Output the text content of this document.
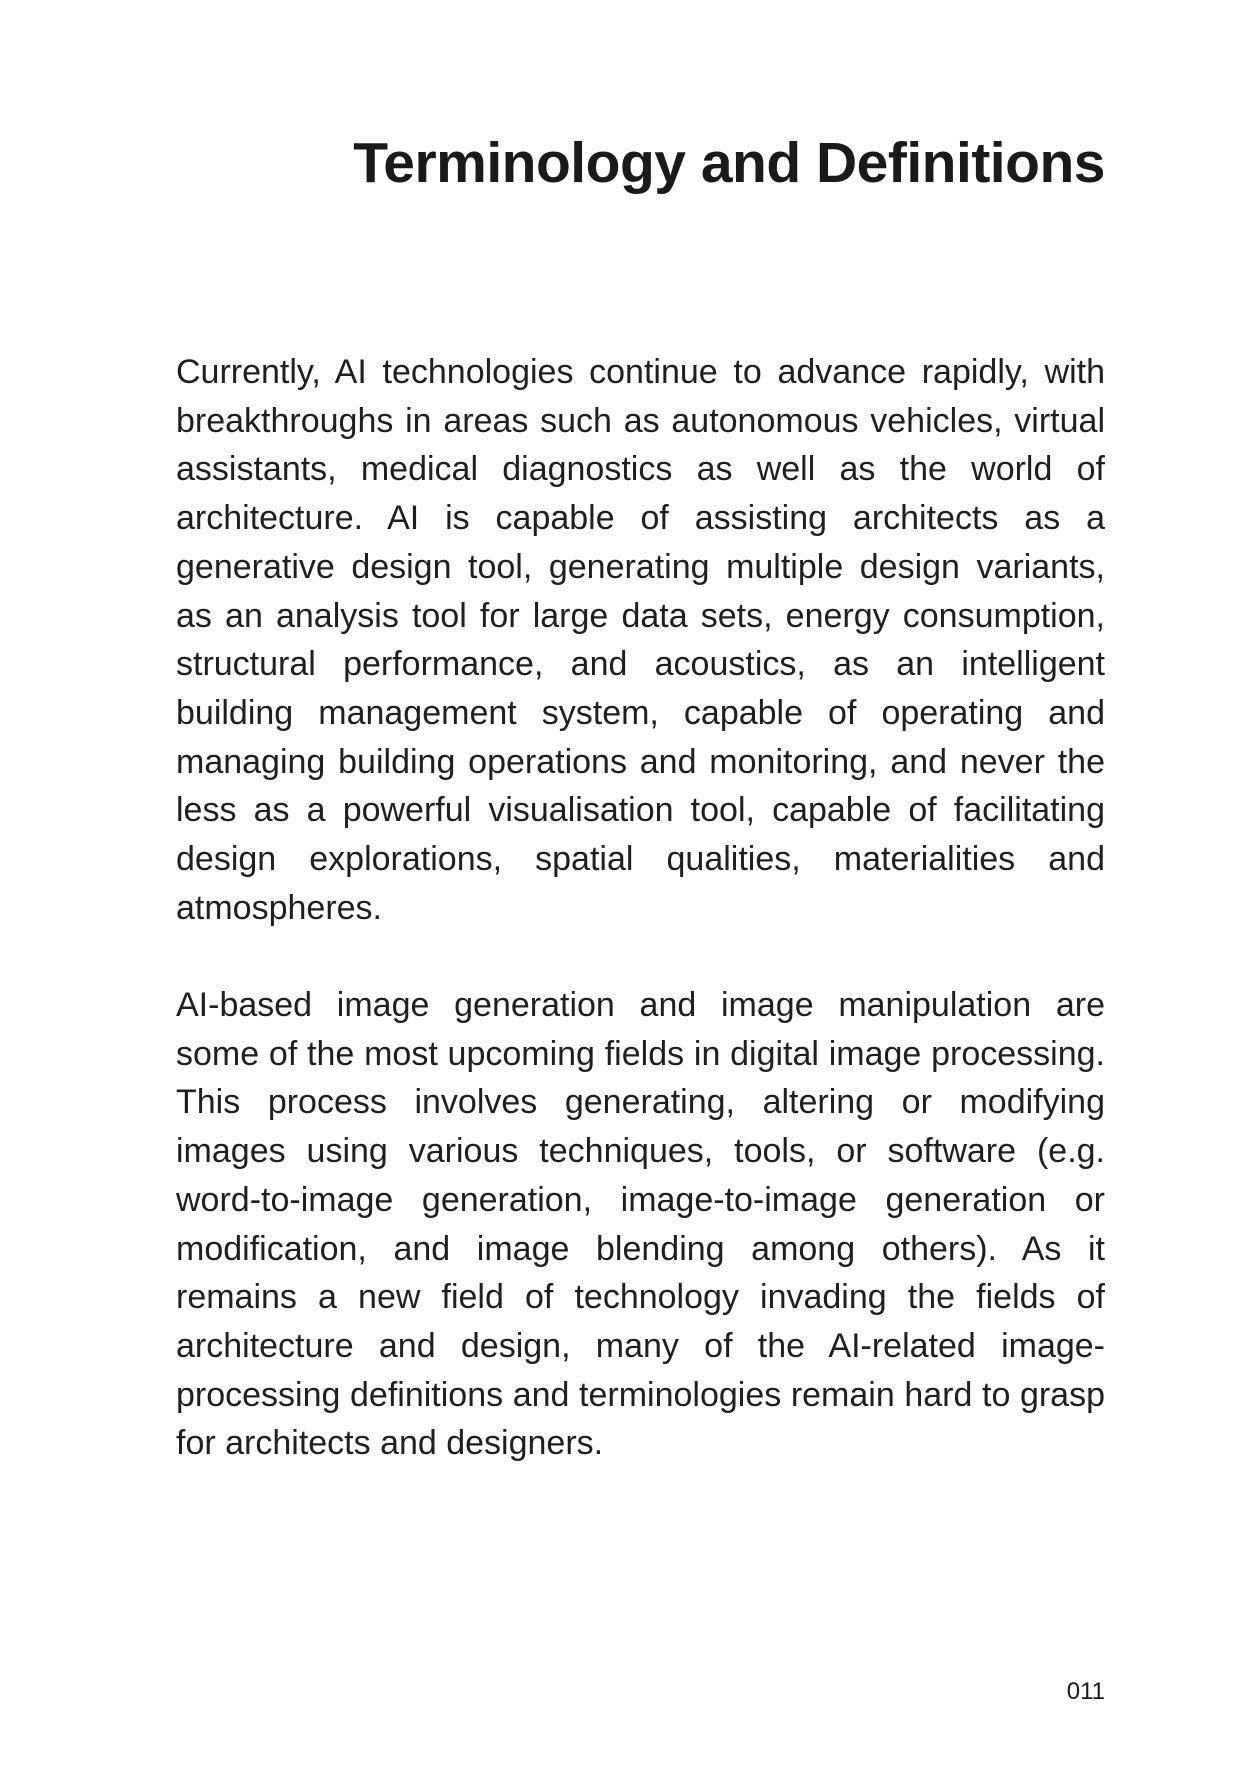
Terminology and Definitions

Currently, AI technologies continue to advance rapidly, with breakthroughs in areas such as autonomous vehicles, virtual assistants, medical diagnostics as well as the world of architecture. AI is capable of assisting architects as a generative design tool, generating multiple design variants, as an analysis tool for large data sets, energy consumption, structural performance, and acoustics, as an intelligent building management system, capable of operating and managing building operations and monitoring, and never the less as a powerful visualisation tool, capable of facilitating design explorations, spatial qualities, materialities and atmospheres.

AI-based image generation and image manipulation are some of the most upcoming fields in digital image processing. This process involves generating, altering or modifying images using various techniques, tools, or software (e.g. word-to-image generation, image-to-image generation or modification, and image blending among others). As it remains a new field of technology invading the fields of architecture and design, many of the AI-related image-processing definitions and terminologies remain hard to grasp for architects and designers.

011
